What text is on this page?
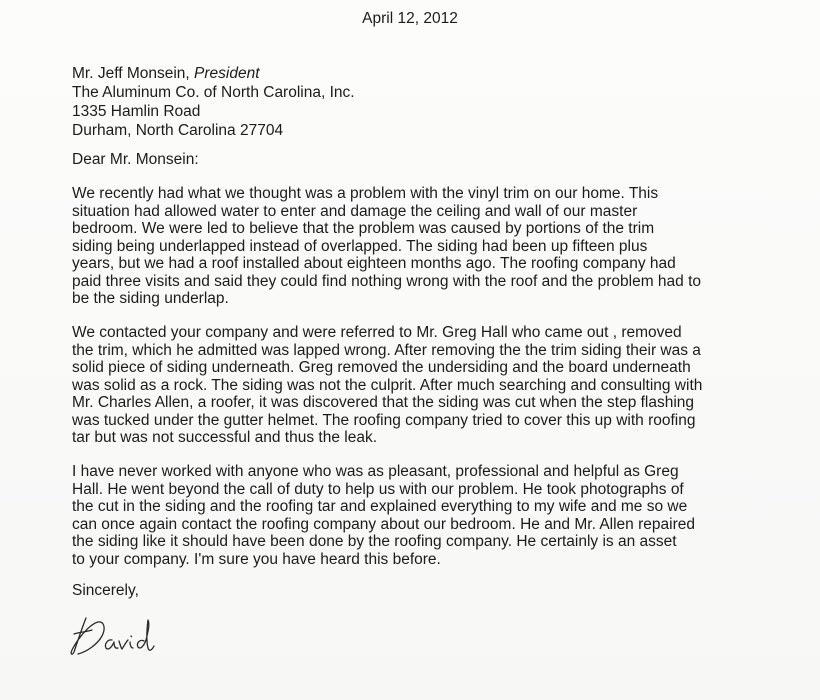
April 12, 2012
Mr. Jeff Monsein, President
The Aluminum Co. of North Carolina, Inc.
1335 Hamlin Road
Durham, North Carolina 27704
Dear Mr. Monsein:
We recently had what we thought was a problem with the vinyl trim on our home. This
situation had allowed water to enter and damage the ceiling and wall of our master
bedroom. We were led to believe that the problem was caused by portions of the trim
siding being underlapped instead of overlapped. The siding had been up fifteen plus
years, but we had a roof installed about eighteen months ago. The roofing company had
paid three visits and said they could find nothing wrong with the roof and the problem had to
be the siding underlap.
We contacted your company and were referred to Mr. Greg Hall who came out , removed
the trim, which he admitted was lapped wrong. After removing the the trim siding their was a
solid piece of siding underneath. Greg removed the undersiding and the board underneath
was solid as a rock. The siding was not the culprit. After much searching and consulting with
Mr. Charles Allen, a roofer, it was discovered that the siding was cut when the step flashing
was tucked under the gutter helmet. The roofing company tried to cover this up with roofing
tar but was not successful and thus the leak.
I have never worked with anyone who was as pleasant, professional and helpful as Greg
Hall. He went beyond the call of duty to help us with our problem. He took photographs of
the cut in the siding and the roofing tar and explained everything to my wife and me so we
can once again contact the roofing company about our bedroom. He and Mr. Allen repaired
the siding like it should have been done by the roofing company. He certainly is an asset
to your company. I'm sure you have heard this before.
Sincerely,
